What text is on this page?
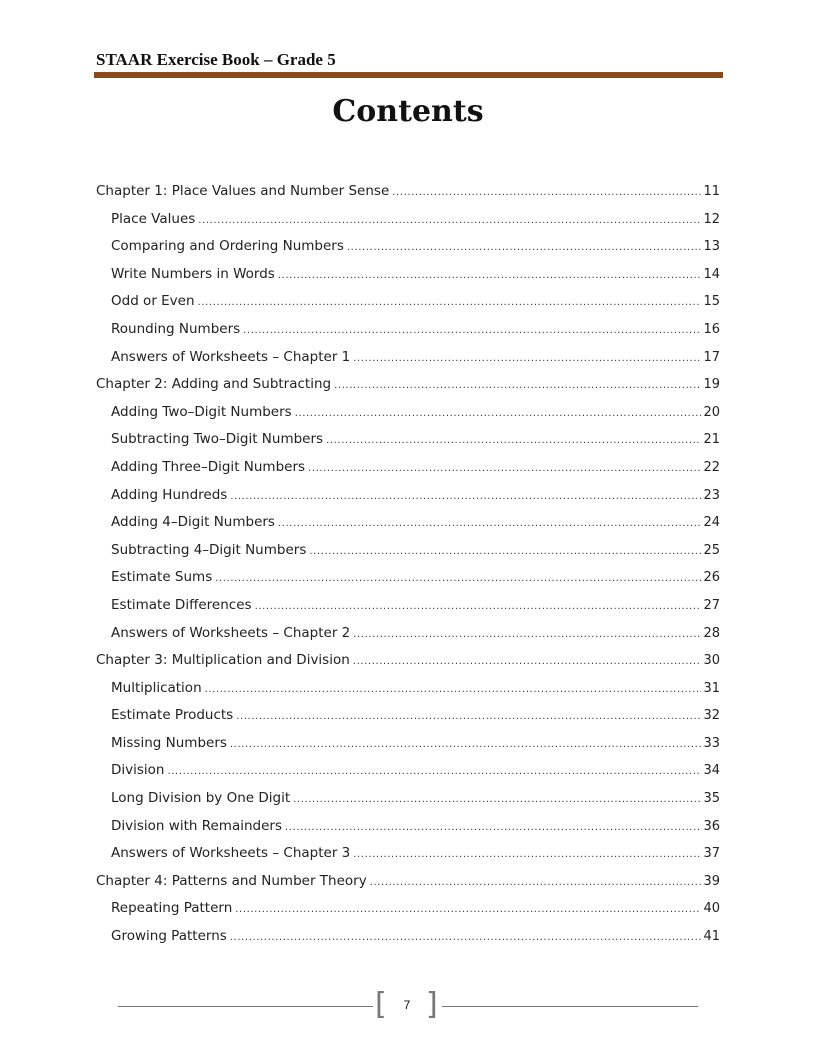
STAAR Exercise Book – Grade 5
Contents
Chapter 1: Place Values and Number Sense .....	11
Place Values .....	12
Comparing and Ordering Numbers .....	13
Write Numbers in Words .....	14
Odd or Even .....	15
Rounding Numbers .....	16
Answers of Worksheets – Chapter 1 .....	17
Chapter 2: Adding and Subtracting .....	19
Adding Two–Digit Numbers .....	20
Subtracting Two–Digit Numbers .....	21
Adding Three–Digit Numbers .....	22
Adding Hundreds .....	23
Adding 4–Digit Numbers .....	24
Subtracting 4–Digit Numbers .....	25
Estimate Sums .....	26
Estimate Differences .....	27
Answers of Worksheets – Chapter 2 .....	28
Chapter 3: Multiplication and Division .....	30
Multiplication .....	31
Estimate Products .....	32
Missing Numbers .....	33
Division .....	34
Long Division by One Digit .....	35
Division with Remainders .....	36
Answers of Worksheets – Chapter 3 .....	37
Chapter 4: Patterns and Number Theory .....	39
Repeating Pattern .....	40
Growing Patterns .....	41
[	7 ]
